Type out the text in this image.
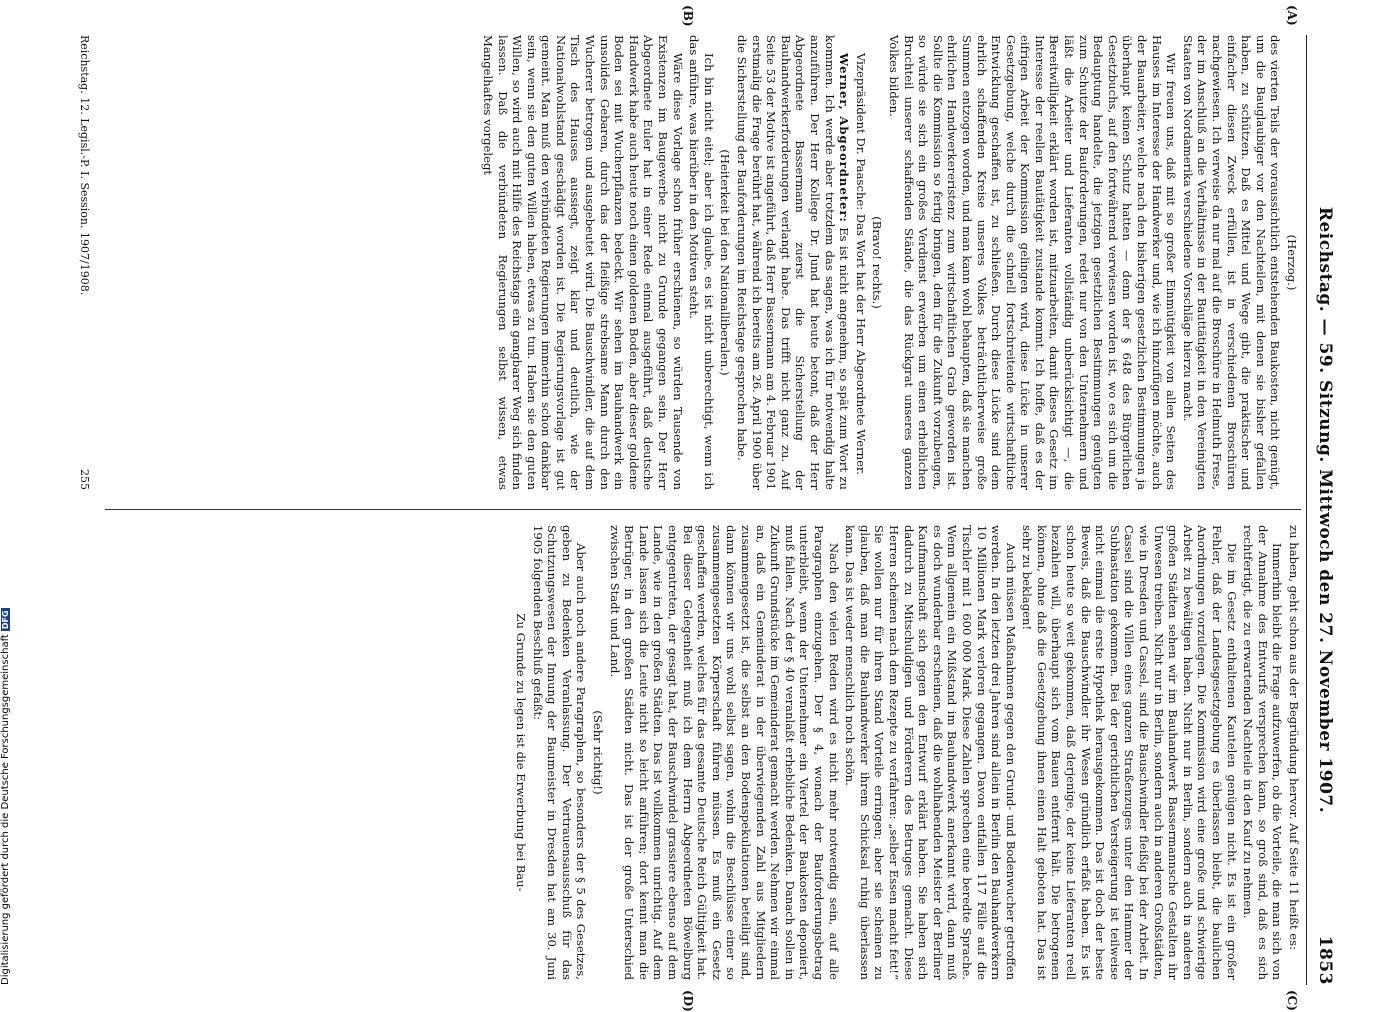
Reichstag. — 59. Sitzung. Mittwoch den 27. November 1907.
1853
(A)
(B)
(C)
(D)

(Herzog.)

des vierten Teils der voraussichtlich entstehenden Baukosten, nicht genügt, um die Bauglaubiger vor den Nachteilen, mit denen sie bisher gefallen haben, zu schützen. Daß es Mittel und Wege gibt, die praktischer und einfacher diesen Zweck erfüllen, ist in verschiedenen Broschüren nachgewiesen. Ich verweise da nur mal auf die Broschüre in Helmuth Frese, der im Anschluß an die Verhältnisse in der Bauttätigkeit in den Vereinigten Staaten von Nordamerika verschiedene Vorschläge hierzu macht.

Wir freuen uns, daß mit so großer Einmütigkeit von allen Seiten des Hauses im Interesse der Handwerker und, wie ich hinzufügen möchte, auch der Bauarbeiter, welche nach den bisherigen gesetzlichen Bestimmungen ja überhaupt keinen Schutz hatten — denn der § 648 des Bürgerlichen Gesetzbuchs, auf den fortwährend verwiesen worden ist, wo es sich um die Bedauptung handelte, die jetzigen gesetzlichen Bestimmungen genügten zum Schutze der Bauforderungen, redet nur von den Unternehmern und läßt die Arbeiter und Lieferanten vollständig unberücksichtigt —, die Bereitwilligkeit erklärt worden ist, mitzuarbeiten, damit dieses Gesetz im Interesse der reellen Bautätigkeit zustande kommt. Ich hoffe, daß es der eifrigen Arbeit der Kommission gelingen wird, diese Lücke in unserer Gesetzgebung, welche durch die schnell fortschreitende wirtschaftliche Entwicklung geschaffen ist, zu schließen. Durch diese Lücke sind dem ehrlich schaffenden Kreise unseres Volkes beträchtlicherweise große Summen entzogen worden, und man kann wohl behaupten, daß sie manchen ehrlichen Handwerkereristenz zum wirtschaftlichen Grab geworden ist. Sollte die Kommission so fertig bringen, dem für die Zukunft vorzubeugen, so würde sie sich ein großes Verdienst erwerben um einen erheblichen Bruchteil unserer schaffenden Stände, die das Rückgrat unseres ganzen Volkes bilden.

(Bravo! rechts.)

Vizepräsident Dr. Paasche: Das Wort hat der Herr Abgeordnete Werner.

Werner, Abgeordneter: Es ist nicht angenehm, so spät zum Wort zu kommen. Ich werde aber trotzdem das sagen, was ich für notwendig halte anzuführen. Der Herr Kollege Dr. Jund hat heute betont, daß der Herr Abgeordnete Bassermann zuerst die Sicherstellung der Bauhandwerkerforderungen verlangt habe. Das trifft nicht ganz zu. Auf Seite 53 der Motive ist angeführt, daß Herr Bassermann am 4. Februar 1901 erstmalig die Frage berührt hat, während ich bereits am 26. April 1900 über die Sicherstellung der Bauforderungen im Reichstage gesprochen habe.

(Heiterkeit bei den Nationalliberalen.)

Ich bin nicht eitel; aber ich glaube, es ist nicht unberechtigt, wenn ich das anführe, was hierüber in den Motiven steht.

Wäre diese Vorlage schon früher erschienen, so würden Tausende von Existenzen im Baugewerbe nicht zu Grunde gegangen sein. Der Herr Abgeordnete Euler hat in einer Rede einmal ausgeführt, daß deutsche Handwerk habe auch heute noch einen goldenen Boden, aber dieser goldene Boden sei mit Wucherpflanzen bedeckt. Wir sehen im Bauhandwerk ein unsolides Gebaren, durch das der fleißige strebsame Mann durch den Wucherer betrogen und ausgebeutet wird. Die Bauschwindler, die auf dem Tisch des Hauses aussiegt, zeigt klar und deutlich, wie der Nationalwohlstand geschädigt worden ist. Die Regierungsvorlage ist gut gemeint. Man muß den verbündeten Regierungen immerhin schon dankbar sein, wenn sie den guten Willen haben, etwas zu tun. Haben sie den guten Willen, so wird auch mit Hilfe des Reichstags ein gangbarer Weg sich finden lassen. Daß die verbündeten Regierungen selbst wissen, etwas Mangelhaftes vorgelegt

zu haben, geht schon aus der Begründung hervor. Auf Seite 11 heißt es:

Immerhin bleibt die Frage aufzuwerfen, ob die Vorteile, die man sich von der Annahme des Entwurfs versprechen kann, so groß sind, daß es sich rechtfertigt, die zu erwartenden Nachteile in den Kauf zu nehmen.

Die im Gesetz enthaltenen Kautelen genügen nicht. Es ist ein großer Fehler, daß der Landesgesetzgebung es überlassen bleibt, die baulichen Anordnungen vorzulegen. Die Kommission wird eine große und schwierige Arbeit zu bewältigen haben. Nicht nur in Berlin, sondern auch in anderen großen Städten sehen wir im Bauhandwerk Bassermannsche Gestalten ihr Unwesen treiben. Nicht nur in Berlin, sondern auch in anderen Großstädten, wie in Dresden und Cassel, sind die Bauschwindler fleißig bei der Arbeit. In Cassel sind die Villen eines ganzen Straßenzuges unter den Hammer der Subhastation gekommen. Bei der gerichtlichen Versteigerung ist teilweise nicht einmal die erste Hypothek herausgekommen. Das ist doch der beste Beweis, daß die Bauschwindler ihr Wesen gründlich erfaßt haben. Es ist schon heute so weit gekommen, daß derjenige, der keine Lieferanten reell bezahlen will, überhaupt sich vom Bauen entfernt hält. Die betrogenen können, ohne daß die Gesetzgebung ihnen einen Halt geboten hat. Das ist sehr zu beklagen!

Auch müssen Maßnahmen gegen den Grund- und Bodenwucher getroffen werden. In den letzten drei Jahren sind allein in Berlin den Bauhandwerkern 10 Millionen Mark verloren gegangen. Davon entfallen 117 Fälle auf die Tischler mit 1 600 000 Mark. Diese Zahlen sprechen eine beredte Sprache. Wenn allgemein ein Mißstand im Bauhandwerk anerkannt wird, dann muß es doch wunderbar erscheinen, daß die wohlhabenden Meister der Berliner Kaufmannschaft sich gegen den Entwurf erklärt haben. Sie haben sich dadurch zu Mitschuldigen und Förderern des Betruges gemacht. Diese Herren scheinen nach dem Rezepte zu verfahren: „selber Essen macht fett!“ Sie wollen nur für ihren Stand Vorteile erringen; aber sie scheinen zu glauben, daß man die Bauhandwerker ihrem Schicksal ruhig überlassen kann. Das ist weder menschlich noch schön.

Nach den vielen Reden wird es nicht mehr notwendig sein, auf alle Paragraphen einzugehen. Der § 4, wonach der Bauforderungsbetrag unterbleibt, wenn der Unternehmer ein Viertel der Baukosten deponiert, muß fallen. Nach der § 40 veranlaßt erhebliche Bedenken. Danach sollen in Zukunft Grundstücke im Gemeinderat gemacht werden. Nehmen wir einmal an, daß ein Gemeinderat in der überwiegenden Zahl aus Mitgliedern zusammengesetzt ist, die selbst an den Bodenspekulationen beteiligt sind, dann können wir uns wohl selbst sagen, wohin die Beschlüsse einer so zusammengesetzten Körperschaft führen müssen. Es muß ein Gesetz geschaffen werden, welches für das gesamte Deutsche Reich Gültigkeit hat. Bei dieser Gelegenheit muß ich dem Herrn Abgeordneten Böwelburg entgegentreten, der gesagt hat, der Bauschwindel grassiere ebenso auf dem Lande, wie in den großen Städten. Das ist vollkommen unrichtig. Auf dem Lande lassen sich die Leute nicht so leicht anführen; dort kennt man die Betrüger, in den großen Städten nicht. Das ist der große Unterschied zwischen Stadt und Land.

(Sehr richtig!)

Aber auch noch andere Paragraphen, so besonders der § 5 des Gesetzes, geben zu Bedenken Veranlassung. Der Vertrauensausschuß für das Schutzungswesen der Innung der Baumeister in Dresden hat am 30. Juni 1905 folgenden Beschluß gefaßt:

Zu Grunde zu legen ist die Erwerbung bei Bau-

Reichstag. 12. Legisl.-P. I. Session. 1907/1908.
255
Digitalisierung gefördert durch die Deutsche ForschungsgemeinschaftDFG
